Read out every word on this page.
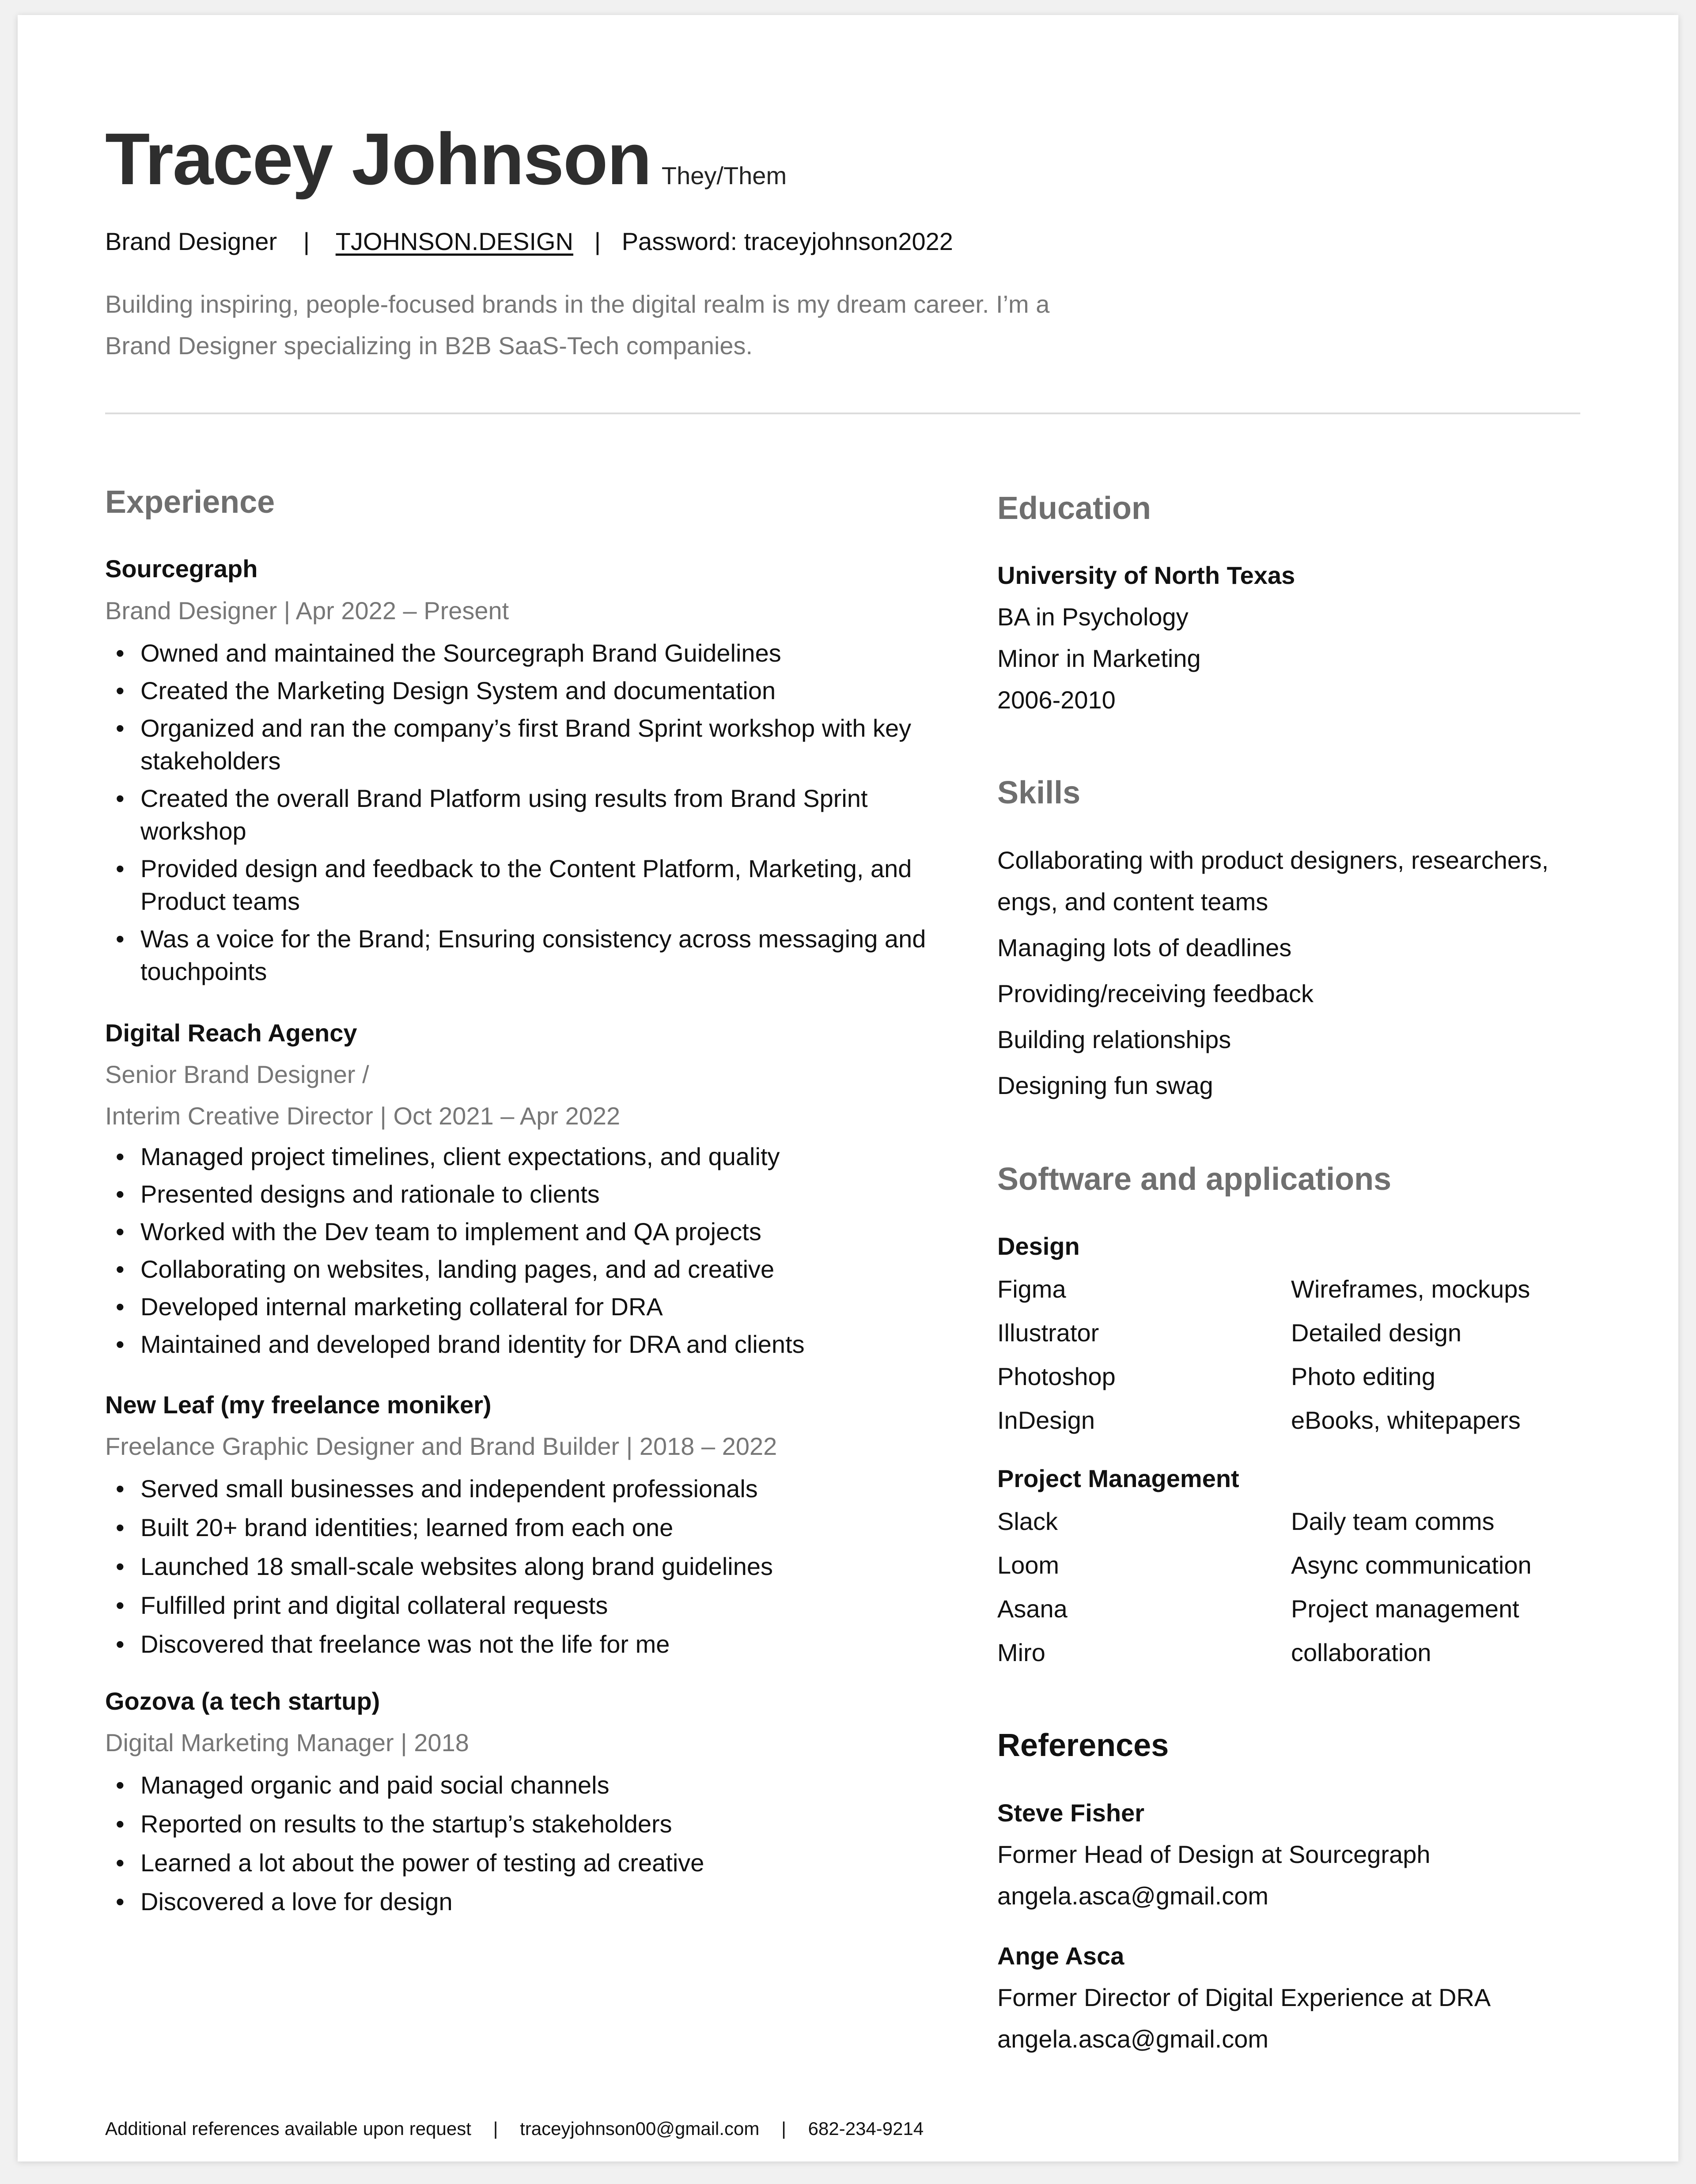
Tracey Johnson They/Them
Brand Designer | TJOHNSON.DESIGN | Password: traceyjohnson2022
Building inspiring, people-focused brands in the digital realm is my dream career. I’m a Brand Designer specializing in B2B SaaS-Tech companies.
Experience
Sourcegraph
Brand Designer | Apr 2022 – Present
• Owned and maintained the Sourcegraph Brand Guidelines
• Created the Marketing Design System and documentation
• Organized and ran the company’s first Brand Sprint workshop with key stakeholders
• Created the overall Brand Platform using results from Brand Sprint workshop
• Provided design and feedback to the Content Platform, Marketing, and Product teams
• Was a voice for the Brand; Ensuring consistency across messaging and touchpoints
Digital Reach Agency
Senior Brand Designer /
Interim Creative Director | Oct 2021 – Apr 2022
• Managed project timelines, client expectations, and quality
• Presented designs and rationale to clients
• Worked with the Dev team to implement and QA projects
• Collaborating on websites, landing pages, and ad creative
• Developed internal marketing collateral for DRA
• Maintained and developed brand identity for DRA and clients
New Leaf (my freelance moniker)
Freelance Graphic Designer and Brand Builder | 2018 – 2022
• Served small businesses and independent professionals
• Built 20+ brand identities; learned from each one
• Launched 18 small-scale websites along brand guidelines
• Fulfilled print and digital collateral requests
• Discovered that freelance was not the life for me
Gozova (a tech startup)
Digital Marketing Manager | 2018
• Managed organic and paid social channels
• Reported on results to the startup’s stakeholders
• Learned a lot about the power of testing ad creative
• Discovered a love for design
Education
University of North Texas
BA in Psychology
Minor in Marketing
2006-2010
Skills
Collaborating with product designers, researchers, engs, and content teams
Managing lots of deadlines
Providing/receiving feedback
Building relationships
Designing fun swag
Software and applications
Design
Figma	Wireframes, mockups
Illustrator	Detailed design
Photoshop	Photo editing
InDesign	eBooks, whitepapers
Project Management
Slack	Daily team comms
Loom	Async communication
Asana	Project management
Miro	collaboration
References
Steve Fisher
Former Head of Design at Sourcegraph
angela.asca@gmail.com
Ange Asca
Former Director of Digital Experience at DRA
angela.asca@gmail.com
Additional references available upon request | traceyjohnson00@gmail.com | 682-234-9214
